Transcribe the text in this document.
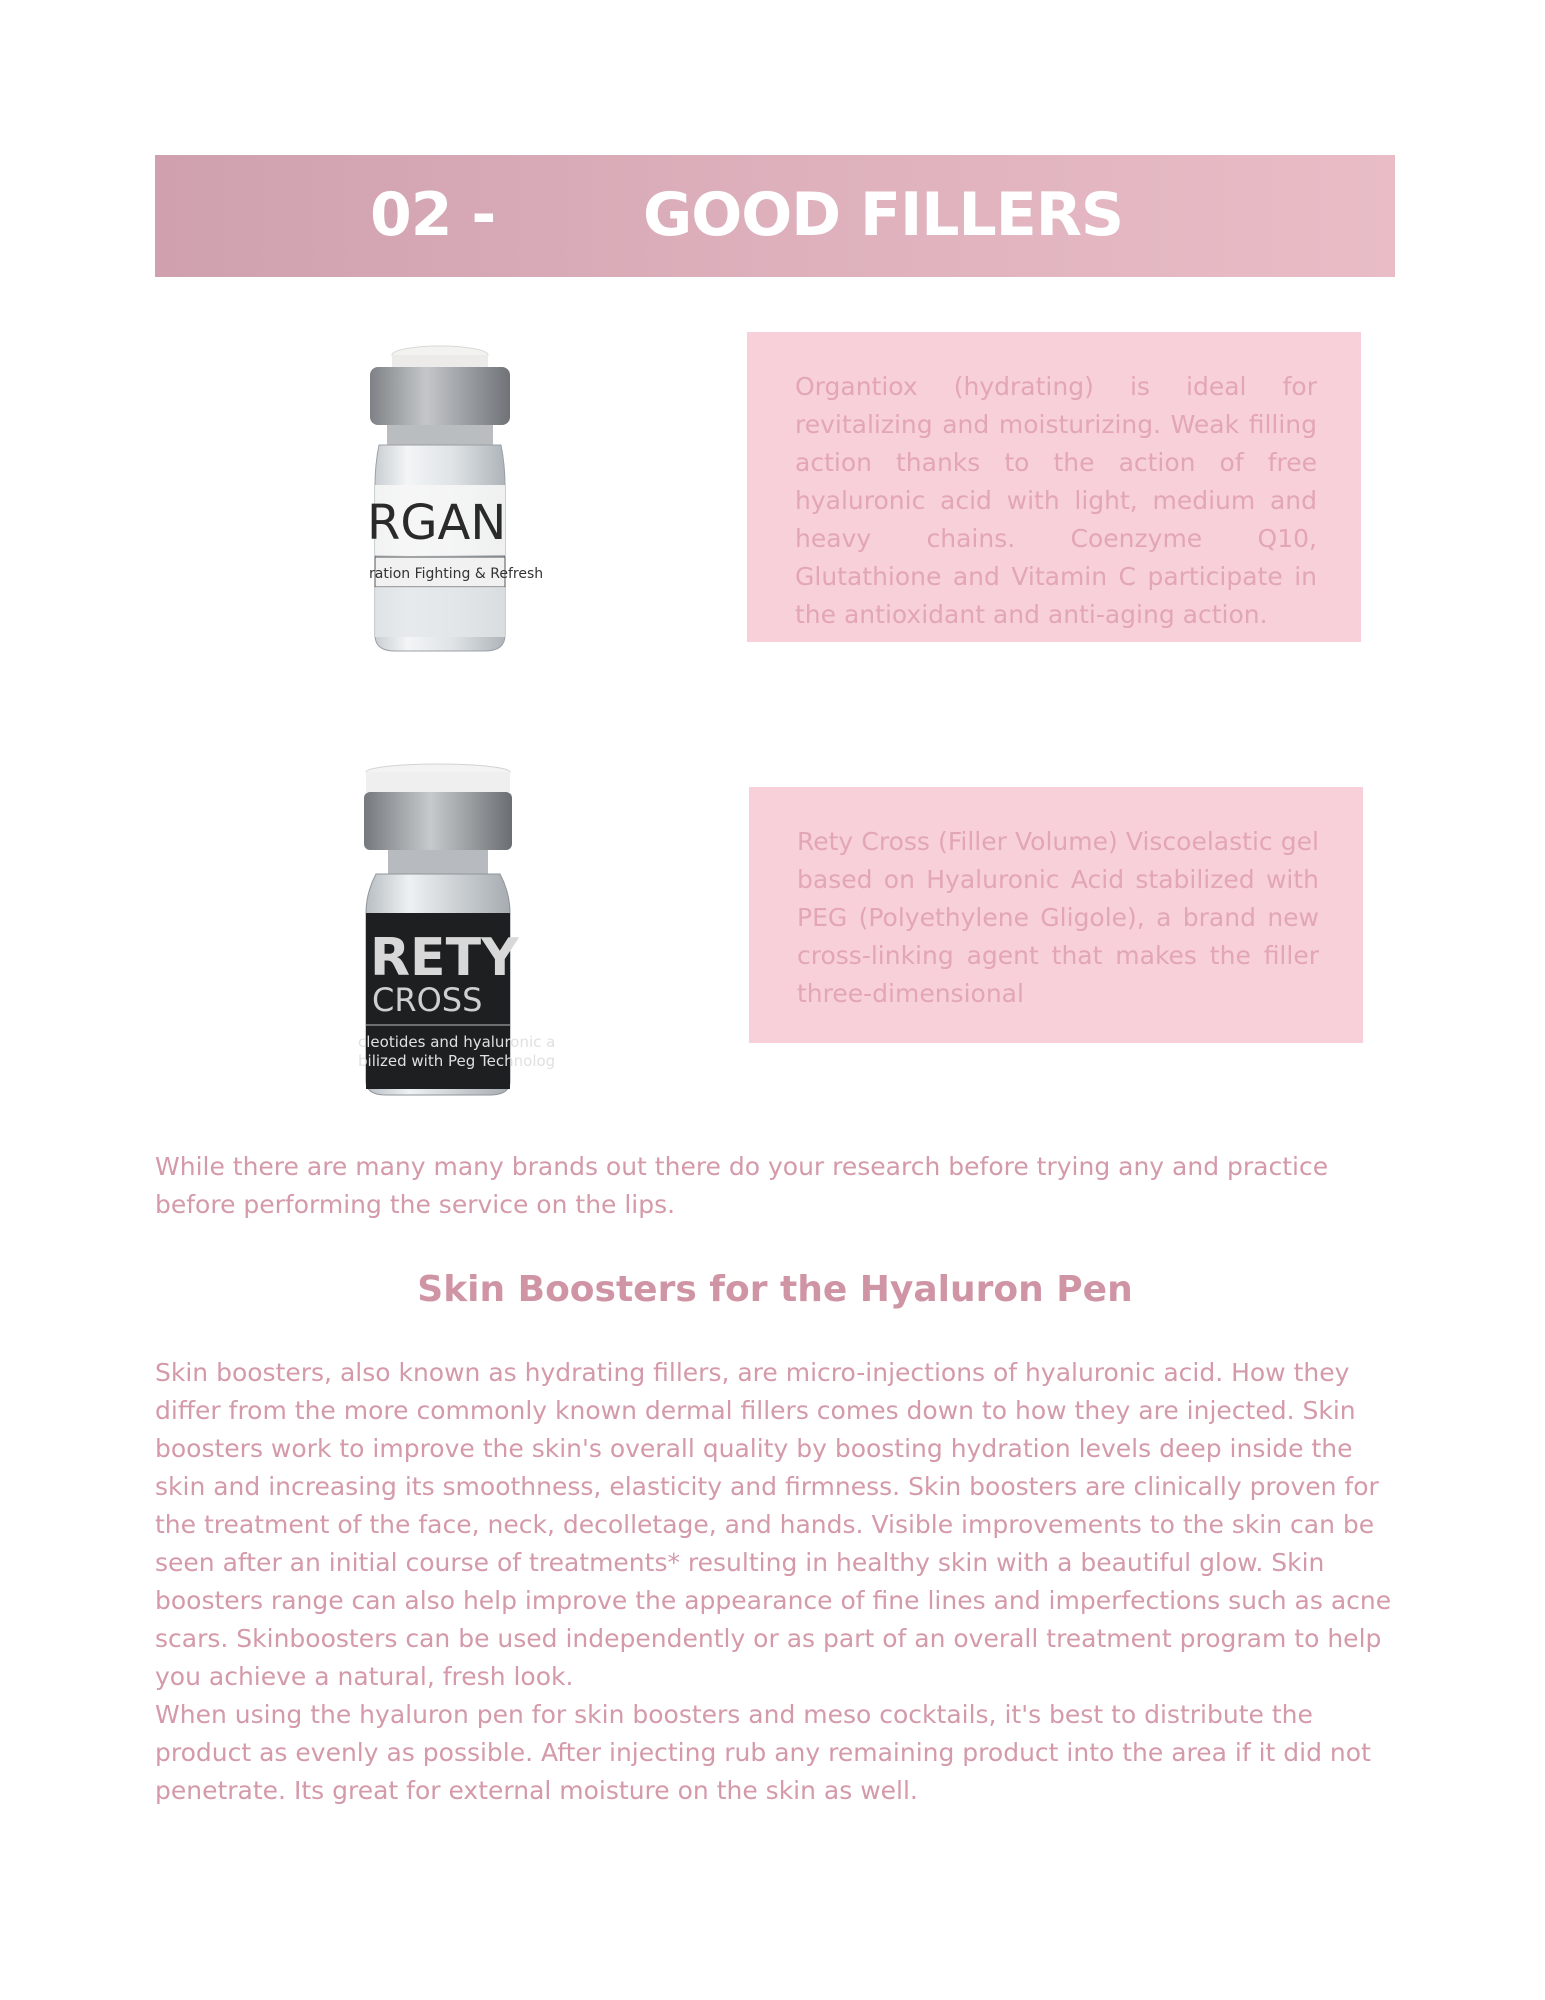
02 - GOOD FILLERS
RGAN
ration Fighting & Refresh

Organtiox (hydrating) is ideal for revitalizing and moisturizing. Weak filling action thanks to the action of free hyaluronic acid with light, medium and heavy chains. Coenzyme Q10, Glutathione and Vitamin C participate in the antioxidant and anti-aging action.

RETY
CROSS
cleotides and hyaluronic a
bilized with Peg Technolog

Rety Cross (Filler Volume) Viscoelastic gel based on Hyaluronic Acid stabilized with PEG (Polyethylene Gligole), a brand new cross-linking agent that makes the filler three-dimensional

While there are many many brands out there do your research before trying any and practice before performing the service on the lips.

Skin Boosters for the Hyaluron Pen

Skin boosters, also known as hydrating fillers, are micro-injections of hyaluronic acid. How they differ from the more commonly known dermal fillers comes down to how they are injected. Skin boosters work to improve the skin's overall quality by boosting hydration levels deep inside the skin and increasing its smoothness, elasticity and firmness. Skin boosters are clinically proven for the treatment of the face, neck, decolletage, and hands. Visible improvements to the skin can be seen after an initial course of treatments* resulting in healthy skin with a beautiful glow. Skin boosters range can also help improve the appearance of fine lines and imperfections such as acne scars. Skinboosters can be used independently or as part of an overall treatment program to help you achieve a natural, fresh look.

When using the hyaluron pen for skin boosters and meso cocktails, it's best to distribute the product as evenly as possible. After injecting rub any remaining product into the area if it did not penetrate. Its great for external moisture on the skin as well.
